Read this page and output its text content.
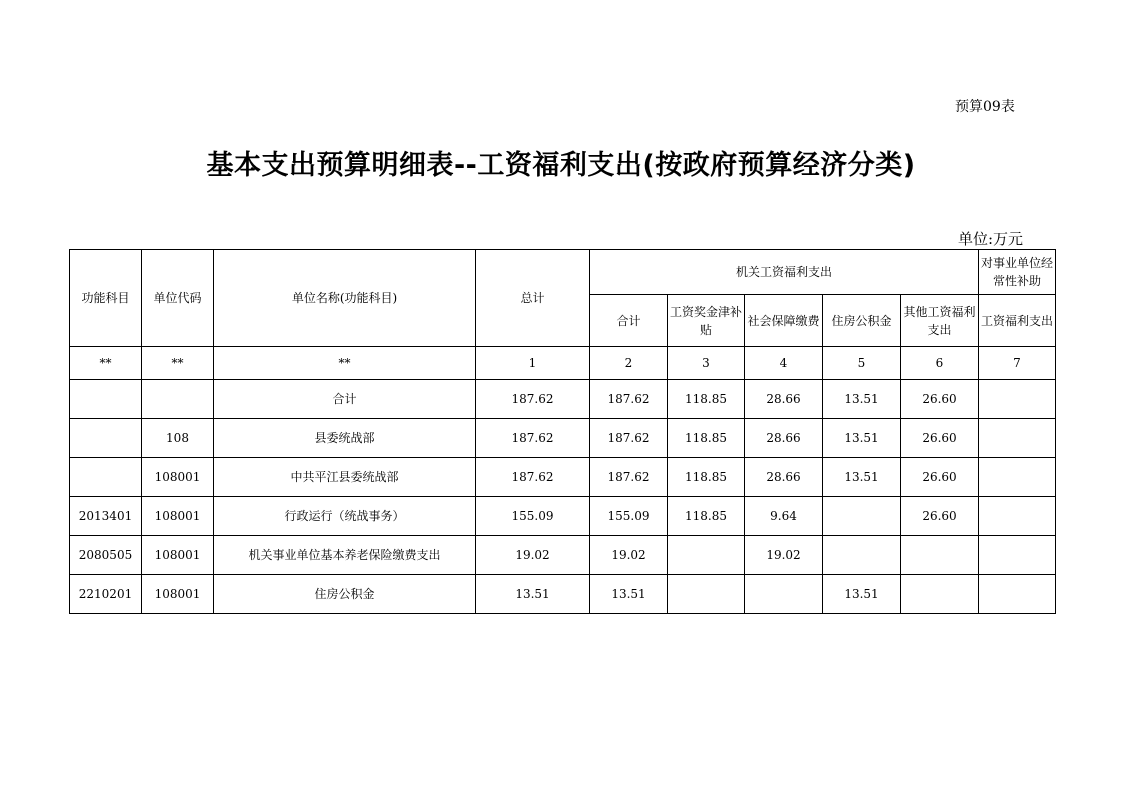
预算09表
基本支出预算明细表--工资福利支出(按政府预算经济分类)
单位:万元
功能科目	单位代码	单位名称(功能科目)	总计	机关工资福利支出					对事业单位经常性补助
				合计	工资奖金津补贴	社会保障缴费	住房公积金	其他工资福利支出	工资福利支出
**	**	**	1	2	3	4	5	6	7
		合计	187.62	187.62	118.85	28.66	13.51	26.60	
	108	县委统战部	187.62	187.62	118.85	28.66	13.51	26.60	
	108001	中共平江县委统战部	187.62	187.62	118.85	28.66	13.51	26.60	
2013401	108001	行政运行（统战事务）	155.09	155.09	118.85	9.64		26.60	
2080505	108001	机关事业单位基本养老保险缴费支出	19.02	19.02		19.02			
2210201	108001	住房公积金	13.51	13.51			13.51		
